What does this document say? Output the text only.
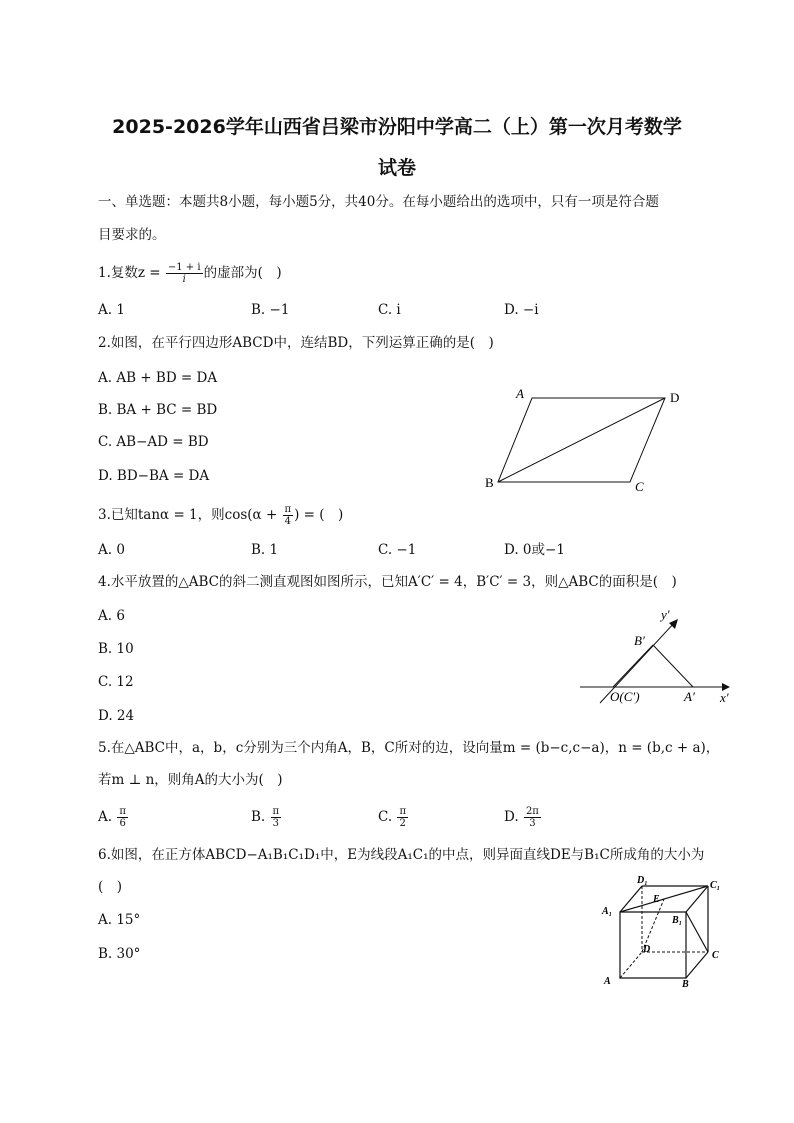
2025-2026学年山西省吕梁市汾阳中学高二（上）第一次月考数学
试卷
一、单选题：本题共8小题，每小题5分，共40分。在每小题给出的选项中，只有一项是符合题
目要求的。
1.复数$z = \frac{-1 + i}{i}$ 的虚部为(　)
A. 1	B. −1	C. i	D. −i
2.如图，在平行四边形ABCD中，连结BD，下列运算正确的是(　)
A. AB + BD = DA
B. BA + BC = BD
C. AB−AD = BD
D. BD−BA = DA
A	D
B	C
3.已知tanα = 1，则$\cos(\alpha + \frac{\pi}{4}$ ) = (　)
A. 0	B. 1	C. −1	D. 0或−1
4.水平放置的△ABC的斜二测直观图如图所示，已知A′C′ = 4，B′C′ = 3，则△ABC的面积是(　)
A. 6
B. 10
C. 12
D. 24
y′
x′
B′
O(C′)	A′
5.在△ABC中，a，b，c分别为三个内角A，B，C所对的边，设向量m = (b−c,c−a)，n = (b,c + a)，
若m ⊥ n，则角A的大小为(　)
A. $\frac{\pi}{6}$	B. $\frac{\pi}{3}$	C. $\frac{\pi}{2}$	D. $\frac{2\pi}{3}$
6.如图，在正方体ABCD−A₁B₁C₁D₁中，E为线段A₁C₁的中点，则异面直线DE与B₁C所成角的大小为
(　)
A. 15°
B. 30°
D₁	C₁
A₁
E
B₁
D
C
A	B
